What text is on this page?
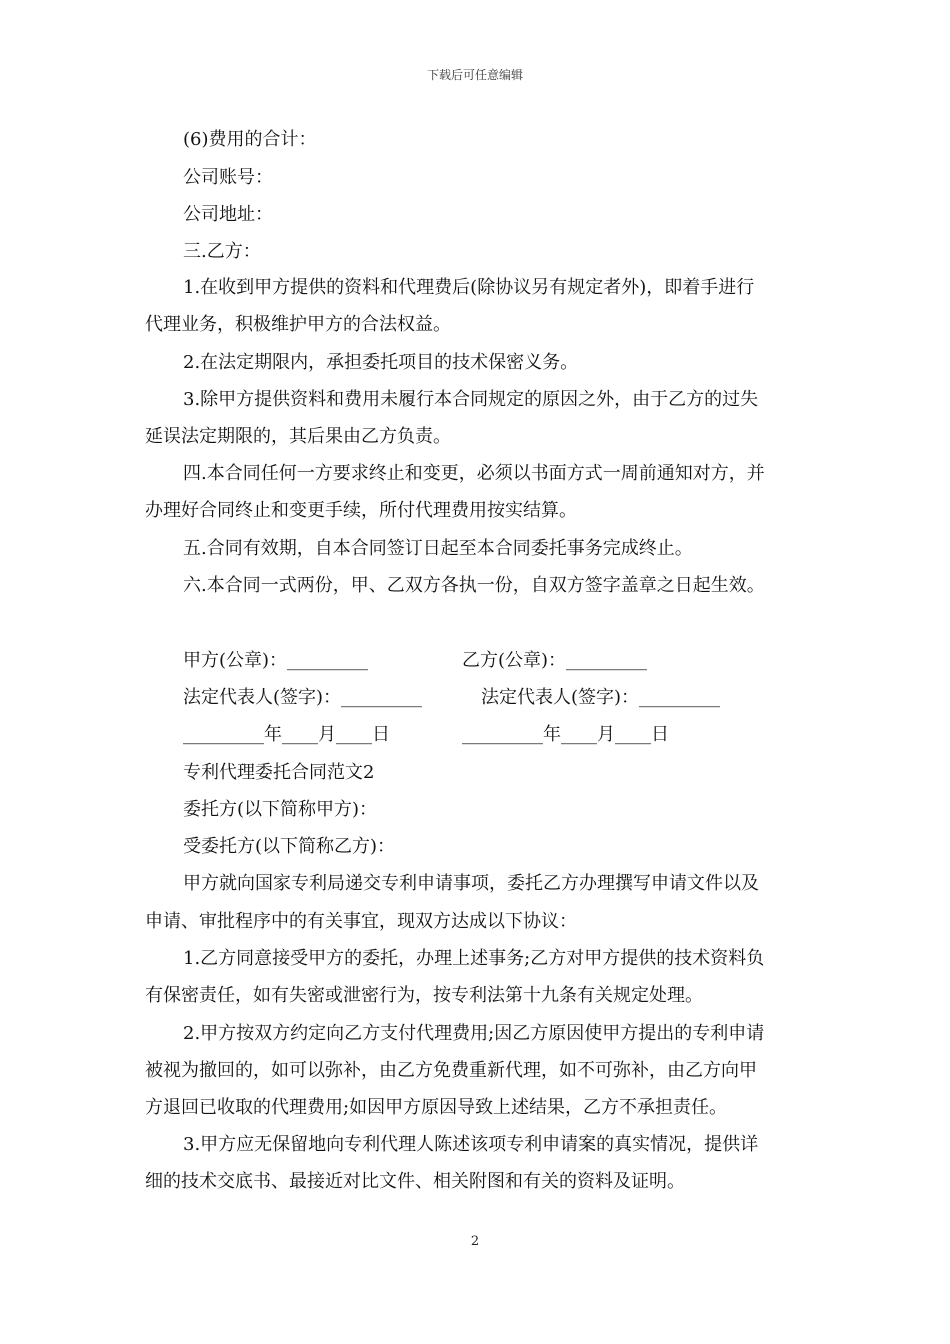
下载后可任意编辑
(6)费用的合计：
公司账号：
公司地址：
三.乙方：
1.在收到甲方提供的资料和代理费后(除协议另有规定者外)，即着手进行
代理业务，积极维护甲方的合法权益。
2.在法定期限内，承担委托项目的技术保密义务。
3.除甲方提供资料和费用未履行本合同规定的原因之外，由于乙方的过失
延误法定期限的，其后果由乙方负责。
四.本合同任何一方要求终止和变更，必须以书面方式一周前通知对方，并
办理好合同终止和变更手续，所付代理费用按实结算。
五.合同有效期，自本合同签订日起至本合同委托事务完成终止。
六.本合同一式两份，甲、乙双方各执一份，自双方签字盖章之日起生效。
甲方(公章)：_________	乙方(公章)：_________
法定代表人(签字)：_________	法定代表人(签字)：_________
_________年____月____日	_________年____月____日
专利代理委托合同范文2
委托方(以下简称甲方)：
受委托方(以下简称乙方)：
甲方就向国家专利局递交专利申请事项，委托乙方办理撰写申请文件以及
申请、审批程序中的有关事宜，现双方达成以下协议：
1.乙方同意接受甲方的委托，办理上述事务;乙方对甲方提供的技术资料负
有保密责任，如有失密或泄密行为，按专利法第十九条有关规定处理。
2.甲方按双方约定向乙方支付代理费用;因乙方原因使甲方提出的专利申请
被视为撤回的，如可以弥补，由乙方免费重新代理，如不可弥补，由乙方向甲
方退回已收取的代理费用;如因甲方原因导致上述结果，乙方不承担责任。
3.甲方应无保留地向专利代理人陈述该项专利申请案的真实情况，提供详
细的技术交底书、最接近对比文件、相关附图和有关的资料及证明。
2
